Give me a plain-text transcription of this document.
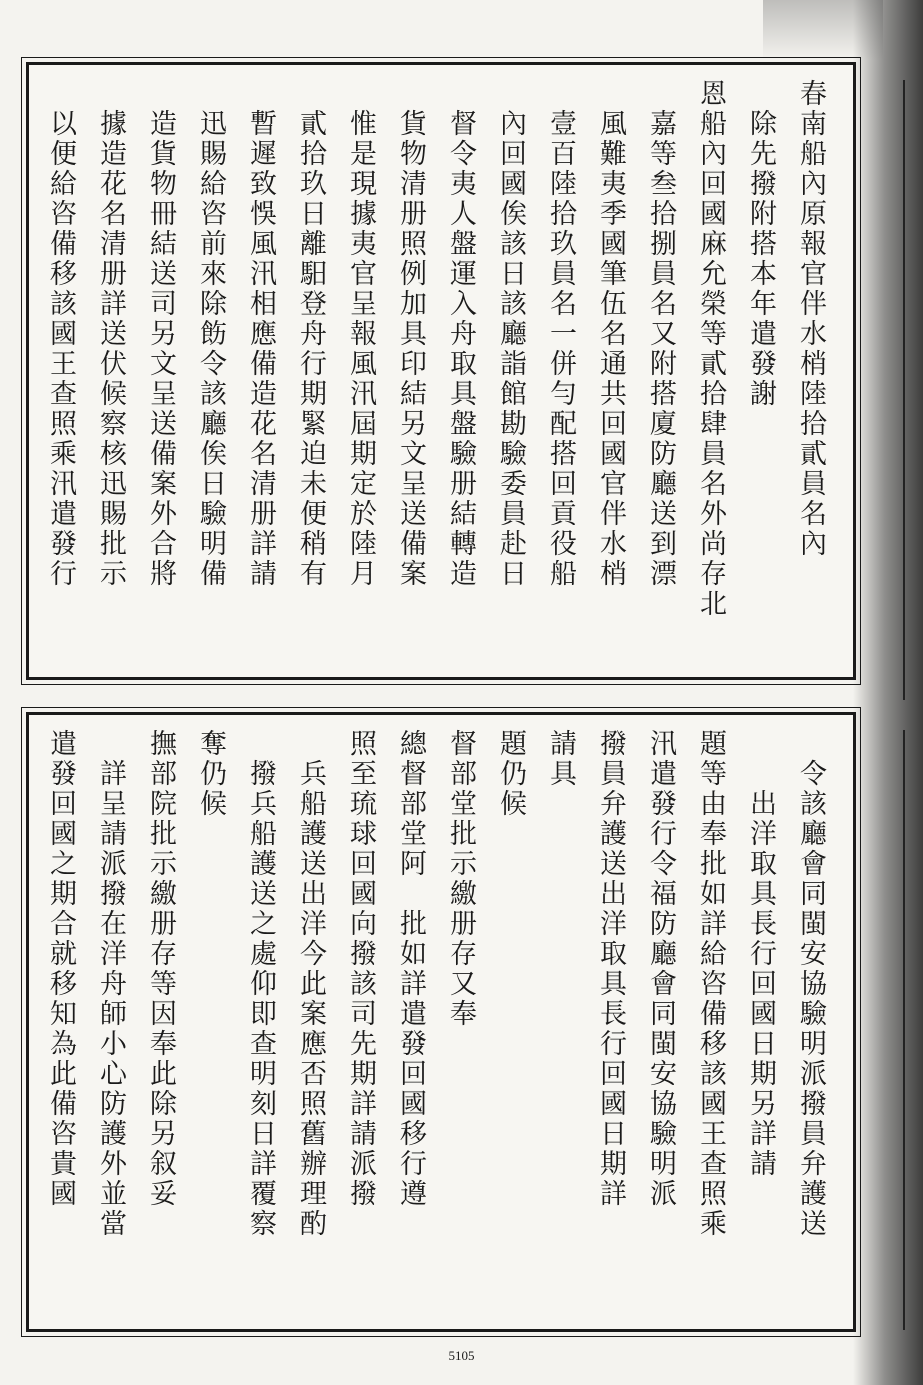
春南船內原報官伴水梢陸拾貳員名內
除先撥附搭本年遣發謝
恩船內回國麻允榮等貳拾肆員名外尚存北
嘉等叁拾捌員名又附搭廈防廳送到漂
風難夷季國筆伍名通共回國官伴水梢
壹百陸拾玖員名一併勻配搭回貢役船
內回國俟該日該廳詣館勘驗委員赴日
督令夷人盤運入舟取具盤驗册結轉造
貨物清册照例加具印結另文呈送備案
惟是現據夷官呈報風汛屆期定於陸月
貳拾玖日離馹登舟行期緊迫未便稍有
暫遲致悞風汛相應備造花名清册詳請
迅賜給咨前來除飭令該廳俟日驗明備
造貨物冊結送司另文呈送備案外合將
據造花名清册詳送伏候察核迅賜批示
以便給咨備移該國王查照乘汛遣發行
令該廳會同閩安協驗明派撥員弁護送
出洋取具長行回國日期另詳請
題等由奉批如詳給咨備移該國王查照乘
汛遣發行令福防廳會同閩安協驗明派
撥員弁護送出洋取具長行回國日期詳
請具
題仍候
督部堂批示繳册存又奉
總督部堂阿　批如詳遣發回國移行遵
照至琉球回國向撥該司先期詳請派撥
兵船護送出洋今此案應否照舊辦理酌
撥兵船護送之處仰即查明刻日詳覆察
奪仍候
撫部院批示繳册存等因奉此除另叙妥
詳呈請派撥在洋舟師小心防護外並當
遣發回國之期合就移知為此備咨貴國
5105
